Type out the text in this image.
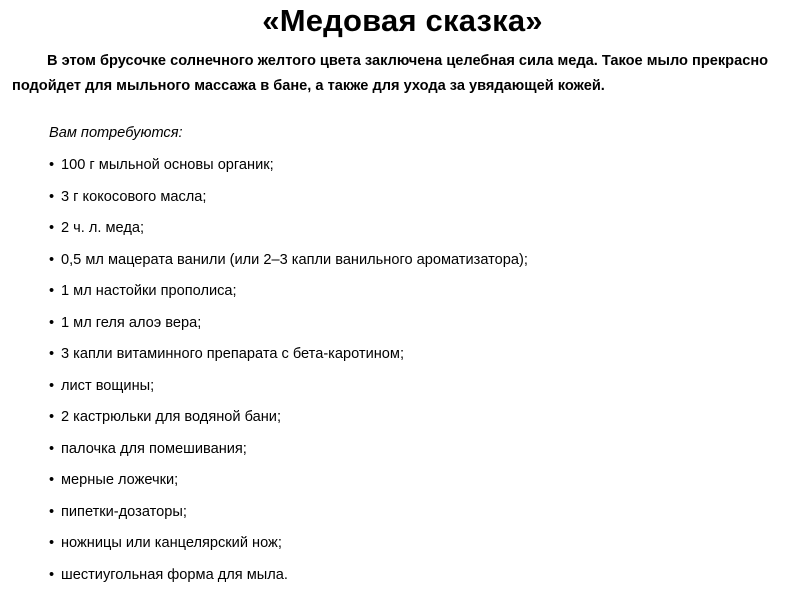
«Медовая сказка»
В этом брусочке солнечного желтого цвета заключена целебная сила меда. Такое мыло прекрасно подойдет для мыльного массажа в бане, а также для ухода за увядающей кожей.
Вам потребуются:
• 100 г мыльной основы органик;
• 3 г кокосового масла;
• 2 ч. л. меда;
• 0,5 мл мацерата ванили (или 2–3 капли ванильного ароматизатора);
• 1 мл настойки прополиса;
• 1 мл геля алоэ вера;
• 3 капли витаминного препарата с бета-каротином;
• лист вощины;
• 2 кастрюльки для водяной бани;
• палочка для помешивания;
• мерные ложечки;
• пипетки-дозаторы;
• ножницы или канцелярский нож;
• шестиугольная форма для мыла.
